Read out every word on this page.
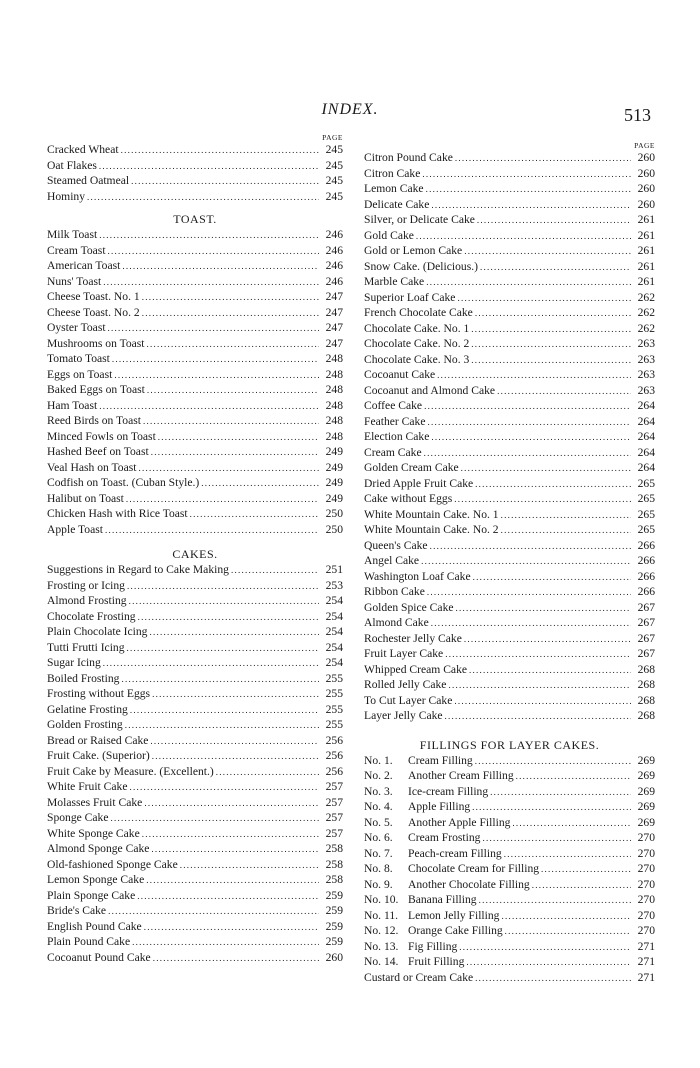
INDEX.	513
PAGE
Cracked Wheat . . .	245
Oat Flakes . . .	245
Steamed Oatmeal . . .	245
Hominy . . .	245
TOAST.
Milk Toast . . .	246
Cream Toast . . .	246
American Toast . . .	246
Nuns' Toast . . .	246
Cheese Toast. No. 1 . . .	247
Cheese Toast. No. 2 . . .	247
Oyster Toast . . .	247
Mushrooms on Toast . . .	247
Tomato Toast . . .	248
Eggs on Toast . . .	248
Baked Eggs on Toast . . .	248
Ham Toast . . .	248
Reed Birds on Toast . . .	248
Minced Fowls on Toast . . .	248
Hashed Beef on Toast . . .	249
Veal Hash on Toast . . .	249
Codfish on Toast. (Cuban Style.) . . .	249
Halibut on Toast . . .	249
Chicken Hash with Rice Toast . . .	250
Apple Toast . . .	250
CAKES.
Suggestions in Regard to Cake Making . . .	251
Frosting or Icing . . .	253
Almond Frosting . . .	254
Chocolate Frosting . . .	254
Plain Chocolate Icing . . .	254
Tutti Frutti Icing . . .	254
Sugar Icing . . .	254
Boiled Frosting . . .	255
Frosting without Eggs . . .	255
Gelatine Frosting . . .	255
Golden Frosting . . .	255
Bread or Raised Cake . . .	256
Fruit Cake. (Superior) . . .	256
Fruit Cake by Measure. (Excellent.) . . .	256
White Fruit Cake . . .	257
Molasses Fruit Cake . . .	257
Sponge Cake . . .	257
White Sponge Cake . . .	257
Almond Sponge Cake . . .	258
Old-fashioned Sponge Cake . . .	258
Lemon Sponge Cake . . .	258
Plain Sponge Cake . . .	259
Bride's Cake . . .	259
English Pound Cake . . .	259
Plain Pound Cake . . .	259
Cocoanut Pound Cake . . .	260
PAGE
Citron Pound Cake . . .	260
Citron Cake . . .	260
Lemon Cake . . .	260
Delicate Cake . . .	260
Silver, or Delicate Cake . . .	261
Gold Cake . . .	261
Gold or Lemon Cake . . .	261
Snow Cake. (Delicious.) . . .	261
Marble Cake . . .	261
Superior Loaf Cake . . .	262
French Chocolate Cake . . .	262
Chocolate Cake. No. 1 . . .	262
Chocolate Cake. No. 2 . . .	263
Chocolate Cake. No. 3 . . .	263
Cocoanut Cake . . .	263
Cocoanut and Almond Cake . . .	263
Coffee Cake . . .	264
Feather Cake . . .	264
Election Cake . . .	264
Cream Cake . . .	264
Golden Cream Cake . . .	264
Dried Apple Fruit Cake . . .	265
Cake without Eggs . . .	265
White Mountain Cake. No. 1 . . .	265
White Mountain Cake. No. 2 . . .	265
Queen's Cake . . .	266
Angel Cake . . .	266
Washington Loaf Cake . . .	266
Ribbon Cake . . .	266
Golden Spice Cake . . .	267
Almond Cake . . .	267
Rochester Jelly Cake . . .	267
Fruit Layer Cake . . .	267
Whipped Cream Cake . . .	268
Rolled Jelly Cake . . .	268
To Cut Layer Cake . . .	268
Layer Jelly Cake . . .	268
FILLINGS FOR LAYER CAKES.
No. 1.	Cream Filling . . .	269
No. 2.	Another Cream Filling . . .	269
No. 3.	Ice-cream Filling . . .	269
No. 4.	Apple Filling . . .	269
No. 5.	Another Apple Filling . . .	269
No. 6.	Cream Frosting . . .	270
No. 7.	Peach-cream Filling . . .	270
No. 8.	Chocolate Cream for Filling . . .	270
No. 9.	Another Chocolate Filling . . .	270
No. 10. Banana Filling . . .	270
No. 11. Lemon Jelly Filling . . .	270
No. 12. Orange Cake Filling . . .	270
No. 13. Fig Filling . . .	271
No. 14. Fruit Filling . . .	271
Custard or Cream Cake . . .	271
